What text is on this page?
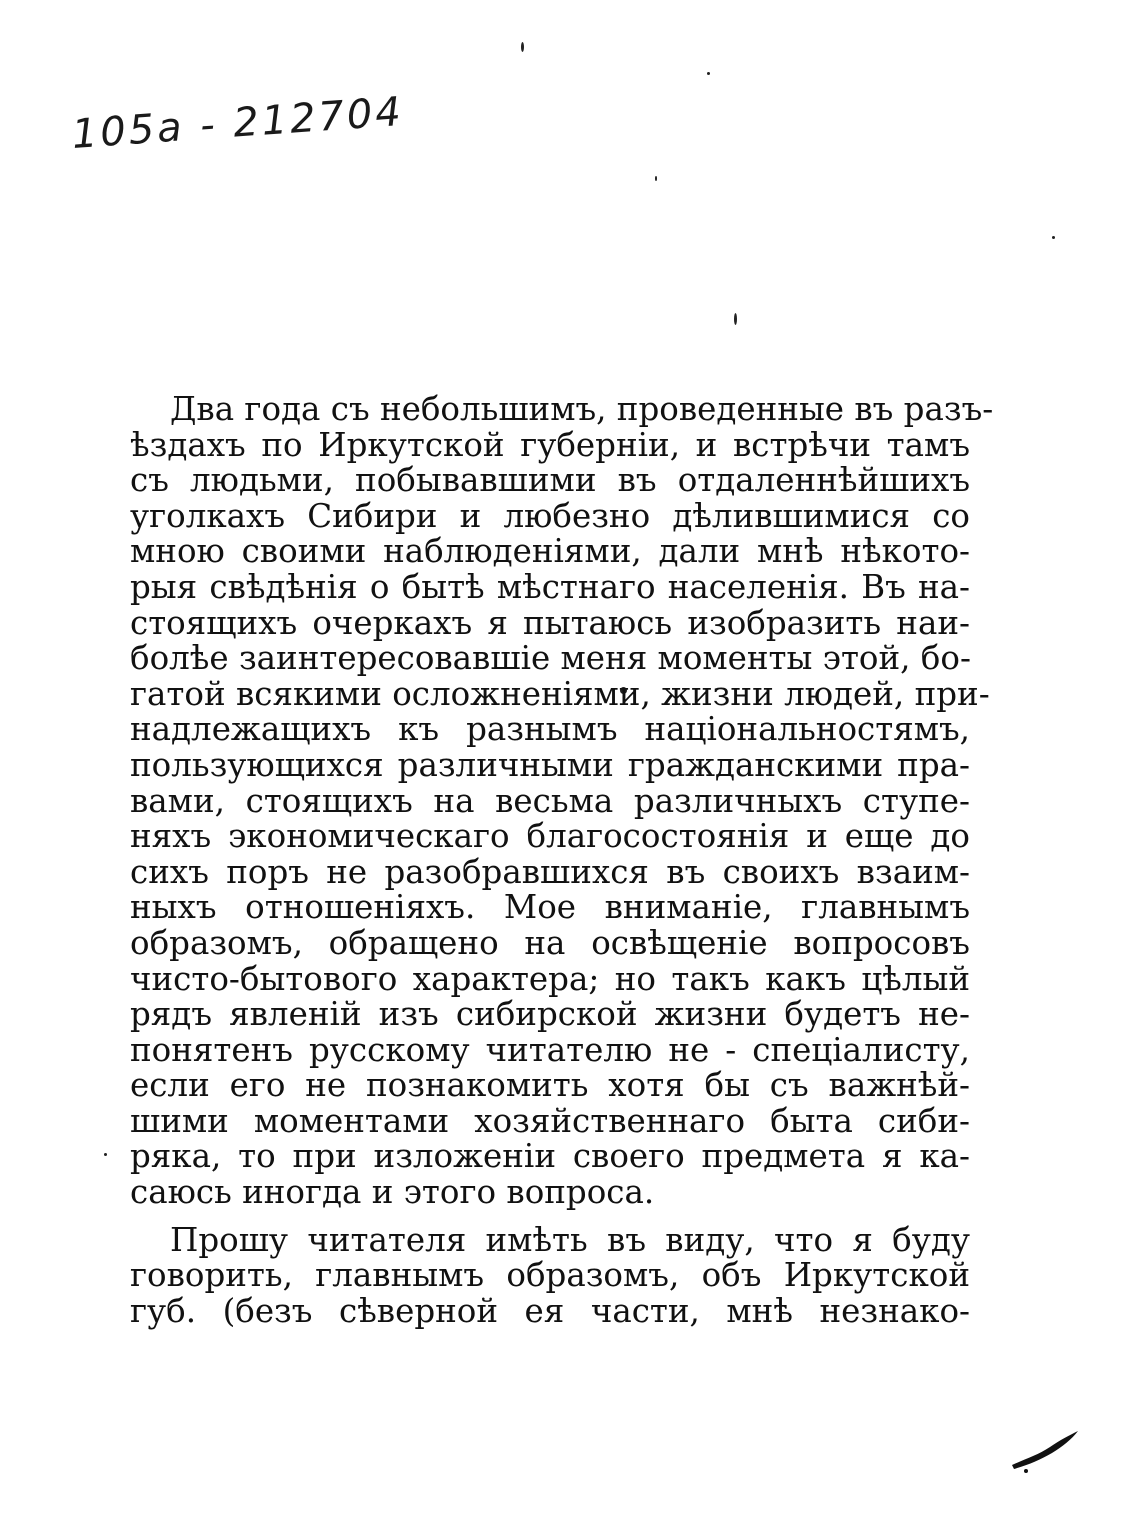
105a - 212704
Два года съ небольшимъ, проведенные въ разъ-
ѣздахъ по Иркутской губерніи, и встрѣчи тамъ
съ людьми, побывавшими въ отдаленнѣйшихъ
уголкахъ Сибири и любезно дѣлившимися со
мною своими наблюденіями, дали мнѣ нѣкото-
рыя свѣдѣнія о бытѣ мѣстнаго населенія. Въ на-
стоящихъ очеркахъ я пытаюсь изобразить наи-
болѣе заинтересовавшіе меня моменты этой, бо-
гатой всякими осложненіями, жизни людей, при-
надлежащихъ къ разнымъ національностямъ,
пользующихся различными гражданскими пра-
вами, стоящихъ на весьма различныхъ ступе-
няхъ экономическаго благосостоянія и еще до
сихъ поръ не разобравшихся въ своихъ взаим-
ныхъ отношеніяхъ. Мое вниманіе, главнымъ
образомъ, обращено на освѣщеніе вопросовъ
чисто-бытового характера; но такъ какъ цѣлый
рядъ явленій изъ сибирской жизни будетъ не-
понятенъ русскому читателю не - спеціалисту,
если его не познакомить хотя бы съ важнѣй-
шими моментами хозяйственнаго быта сиби-
ряка, то при изложеніи своего предмета я ка-
саюсь иногда и этого вопроса.
Прошу читателя имѣть въ виду, что я буду
говорить, главнымъ образомъ, объ Иркутской
губ. (безъ сѣверной ея части, мнѣ незнако-
